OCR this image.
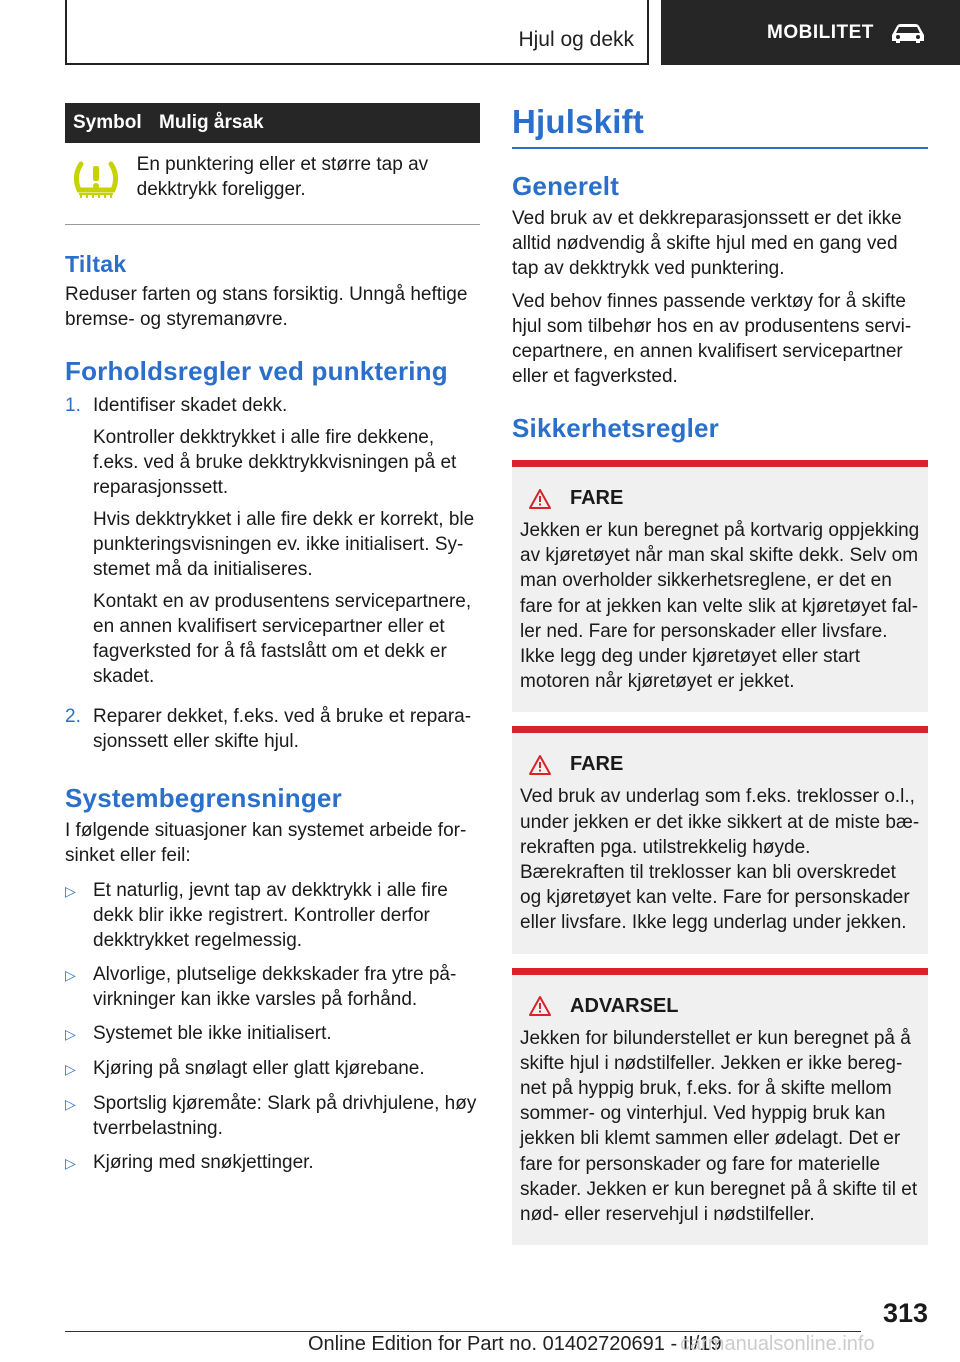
Hjul og dekk	MOBILITET
Symbol Mulig årsak
En punktering eller et større tap av dekktrykk foreligger.
Tiltak
Reduser farten og stans forsiktig. Unngå heftige bremse- og styremanøvre.
Forholdsregler ved punktering
1. Identifiser skadet dekk.

Kontroller dekktrykket i alle fire dekkene, f.eks. ved å bruke dekktrykkvisningen på et reparasjonssett.

Hvis dekktrykket i alle fire dekk er korrekt, ble punkteringsvisningen ev. ikke initialisert. Systemet må da initialiseres.

Kontakt en av produsentens servicepartnere, en annen kvalifisert servicepartner eller et fagverksted for å få fastslått om et dekk er skadet.

2. Reparer dekket, f.eks. ved å bruke et reparasjonssett eller skifte hjul.

Systembegrensninger
I følgende situasjoner kan systemet arbeide forsinket eller feil:
▷ Et naturlig, jevnt tap av dekktrykk i alle fire dekk blir ikke registrert. Kontroller derfor dekktrykket regelmessig.
▷ Alvorlige, plutselige dekkskader fra ytre påvirkninger kan ikke varsles på forhånd.
▷ Systemet ble ikke initialisert.
▷ Kjøring på snølagt eller glatt kjørebane.
▷ Sportslig kjøremåte: Slark på drivhjulene, høy tverrbelastning.
▷ Kjøring med snøkjettinger.
Hjulskift
Generelt
Ved bruk av et dekkreparasjonssett er det ikke alltid nødvendig å skifte hjul med en gang ved tap av dekktrykk ved punktering.
Ved behov finnes passende verktøy for å skifte hjul som tilbehør hos en av produsentens servicepartnere, en annen kvalifisert servicepartner eller et fagverksted.
Sikkerhetsregler
FARE
Jekken er kun beregnet på kortvarig oppjekking av kjøretøyet når man skal skifte dekk. Selv om man overholder sikkerhetsreglene, er det en fare for at jekken kan velte slik at kjøretøyet faller ned. Fare for personskader eller livsfare. Ikke legg deg under kjøretøyet eller start motoren når kjøretøyet er jekket.
FARE
Ved bruk av underlag som f.eks. treklosser o.l., under jekken er det ikke sikkert at de miste bærekraften pga. utilstrekkelig høyde. Bærekraften til treklosser kan bli overskredet og kjøretøyet kan velte. Fare for personskader eller livsfare. Ikke legg underlag under jekken.
ADVARSEL
Jekken for bilunderstellet er kun beregnet på å skifte hjul i nødstilfeller. Jekken er ikke beregnet på hyppig bruk, f.eks. for å skifte mellom sommer- og vinterhjul. Ved hyppig bruk kan jekken bli klemt sammen eller ødelagt. Det er fare for personskader og fare for materielle skader. Jekken er kun beregnet på å skifte til et nød- eller reservehjul i nødstilfeller.
313
Online Edition for Part no. 01402720691 - II/19
carmanualsonline.info
